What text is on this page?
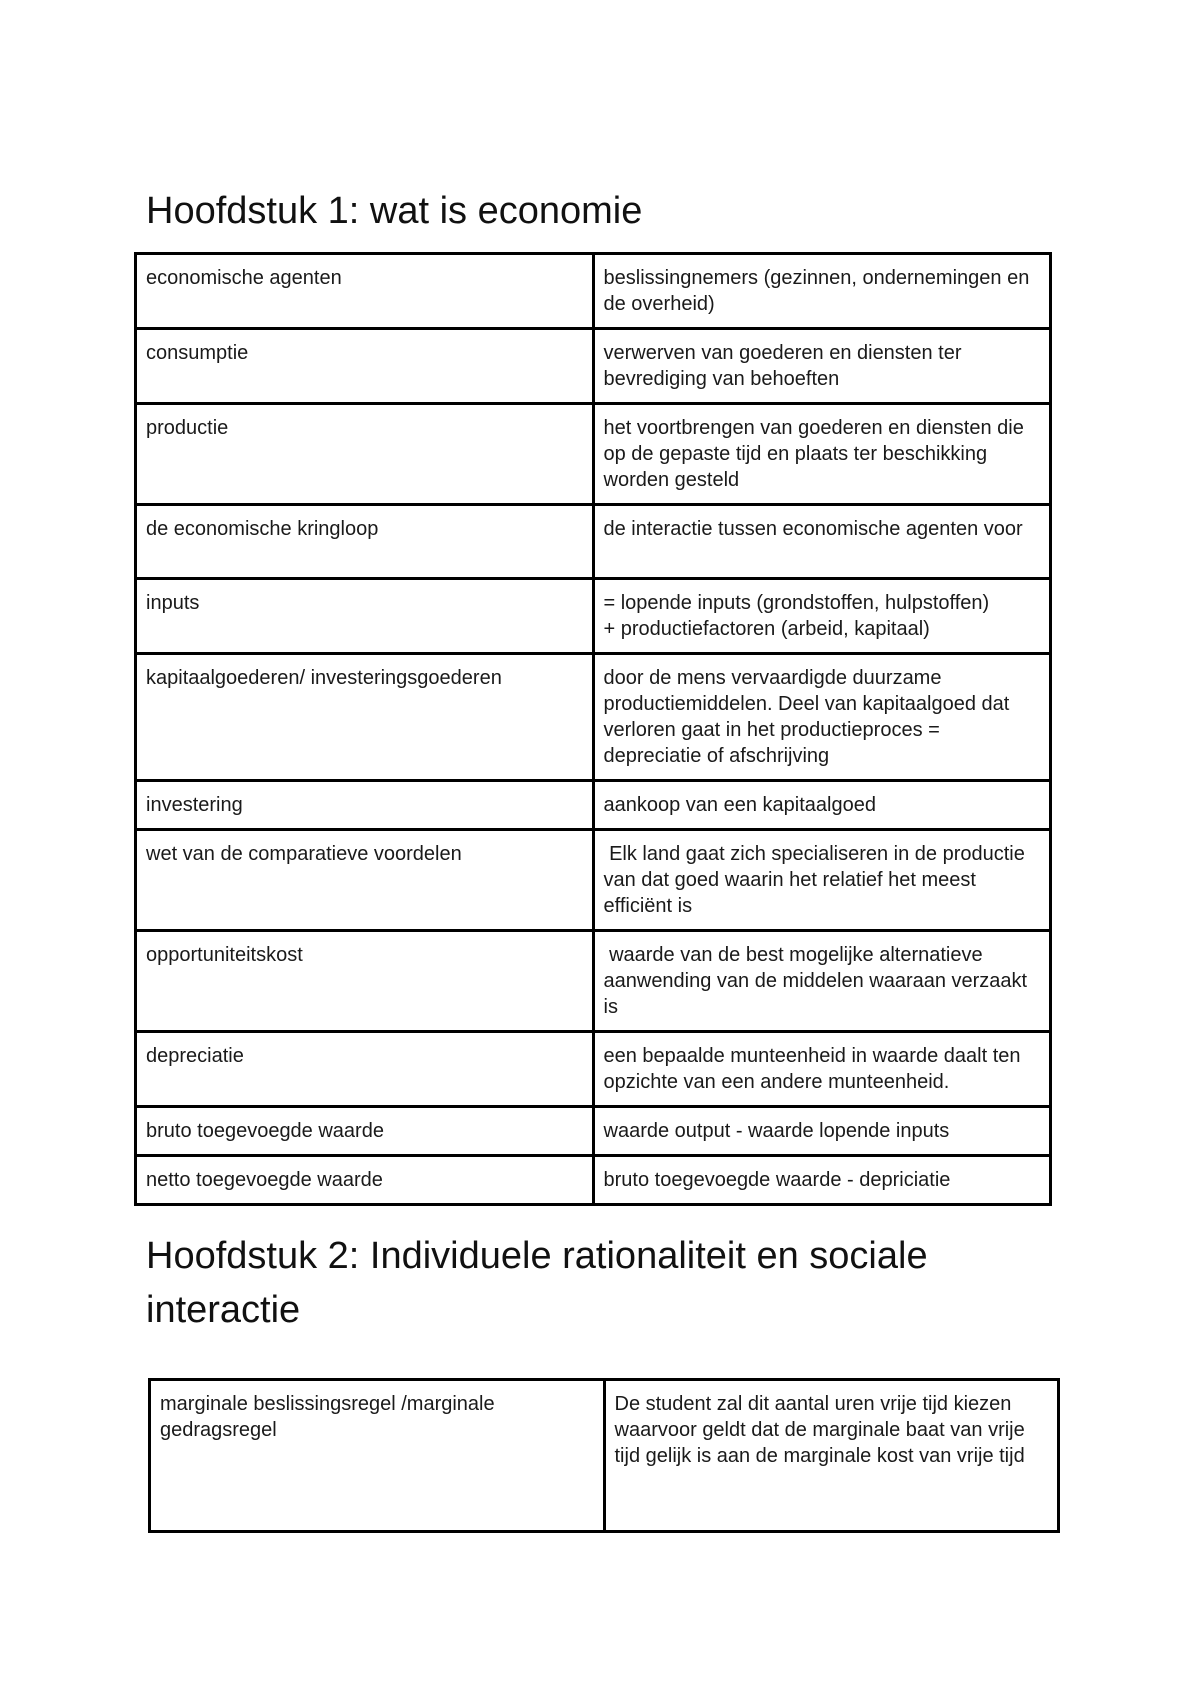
Hoofdstuk 1: wat is economie
economische agenten	beslissingnemers (gezinnen, ondernemingen en de overheid)
consumptie	verwerven van goederen en diensten ter bevrediging van behoeften
productie	het voortbrengen van goederen en diensten die op de gepaste tijd en plaats ter beschikking worden gesteld
de economische kringloop	de interactie tussen economische agenten voor
inputs	= lopende inputs (grondstoffen, hulpstoffen)
+ productiefactoren (arbeid, kapitaal)
kapitaalgoederen/ investeringsgoederen	door de mens vervaardigde duurzame productiemiddelen. Deel van kapitaalgoed dat verloren gaat in het productieproces = depreciatie of afschrijving
investering	aankoop van een kapitaalgoed
wet van de comparatieve voordelen	Elk land gaat zich specialiseren in de productie van dat goed waarin het relatief het meest efficiënt is
opportuniteitskost	waarde van de best mogelijke alternatieve aanwending van de middelen waaraan verzaakt is
depreciatie	een bepaalde munteenheid in waarde daalt ten opzichte van een andere munteenheid.
bruto toegevoegde waarde	waarde output - waarde lopende inputs
netto toegevoegde waarde	bruto toegevoegde waarde - depriciatie
Hoofdstuk 2: Individuele rationaliteit en sociale interactie
marginale beslissingsregel /marginale gedragsregel	De student zal dit aantal uren vrije tijd kiezen waarvoor geldt dat de marginale baat van vrije tijd gelijk is aan de marginale kost van vrije tijd
